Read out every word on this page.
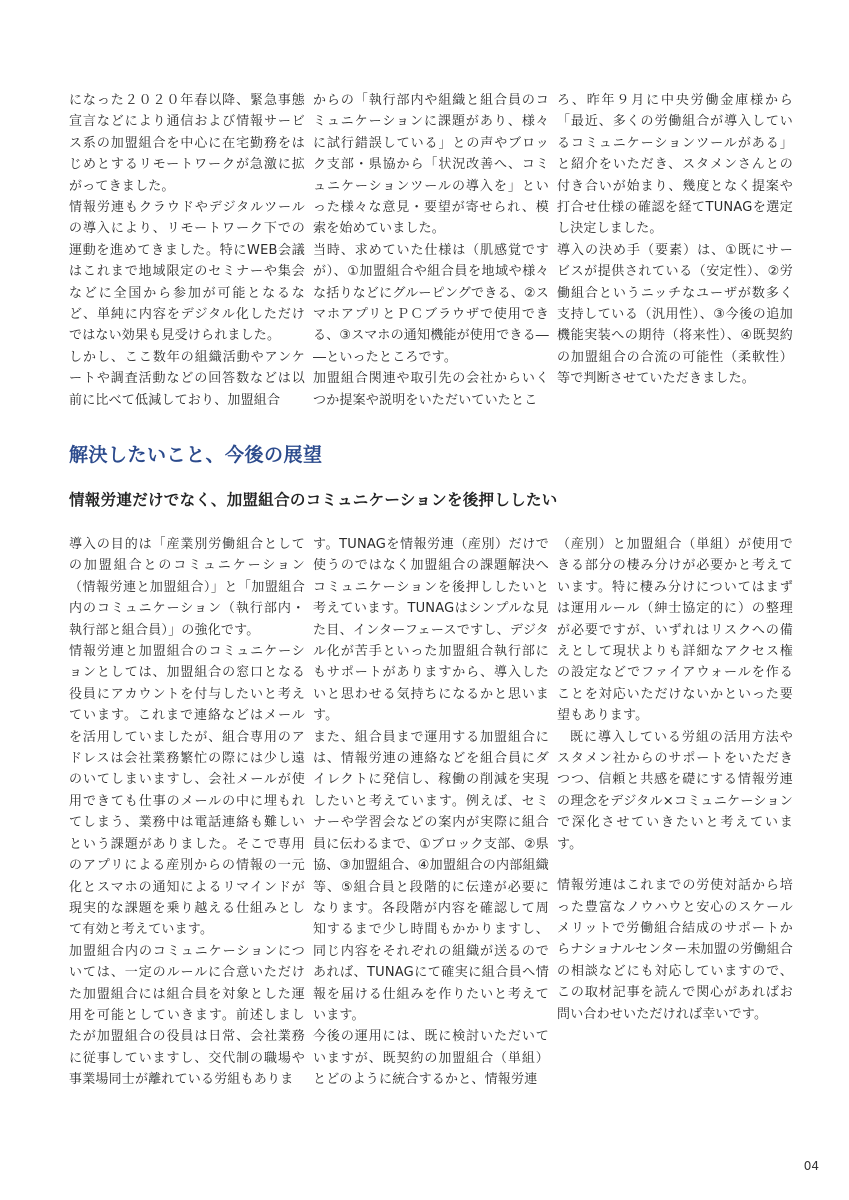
になった２０２０年春以降、緊急事態宣言などにより通信および情報サービス系の加盟組合を中心に在宅勤務をはじめとするリモートワークが急激に拡がってきました。

情報労連もクラウドやデジタルツールの導入により、リモートワーク下での運動を進めてきました。特にWEB会議はこれまで地域限定のセミナーや集会などに全国から参加が可能となるなど、単純に内容をデジタル化しただけではない効果も見受けられました。

しかし、ここ数年の組織活動やアンケートや調査活動などの回答数などは以前に比べて低減しており、加盟組合

からの「執行部内や組織と組合員のコミュニケーションに課題があり、様々に試行錯誤している」との声やブロック支部・県協から「状況改善へ、コミュニケーションツールの導入を」といった様々な意見・要望が寄せられ、模索を始めていました。

当時、求めていた仕様は（肌感覚ですが）、①加盟組合や組合員を地域や様々な括りなどにグルーピングできる、②スマホアプリとＰＣブラウザで使用できる、③スマホの通知機能が使用できる――といったところです。

加盟組合関連や取引先の会社からいくつか提案や説明をいただいていたとこ

ろ、昨年９月に中央労働金庫様から「最近、多くの労働組合が導入しているコミュニケーションツールがある」と紹介をいただき、スタメンさんとの付き合いが始まり、幾度となく提案や打合せ仕様の確認を経てTUNAGを選定し決定しました。

導入の決め手（要素）は、①既にサービスが提供されている（安定性）、②労働組合というニッチなユーザが数多く支持している（汎用性）、③今後の追加機能実装への期待（将来性）、④既契約の加盟組合の合流の可能性（柔軟性）等で判断させていただきました。

解決したいこと、今後の展望
情報労連だけでなく、加盟組合のコミュニケーションを後押ししたい

導入の目的は「産業別労働組合としての加盟組合とのコミュニケーション（情報労連と加盟組合）」と「加盟組合内のコミュニケーション（執行部内・執行部と組合員）」の強化です。

情報労連と加盟組合のコミュニケーションとしては、加盟組合の窓口となる役員にアカウントを付与したいと考えています。これまで連絡などはメールを活用していましたが、組合専用のアドレスは会社業務繁忙の際には少し遠のいてしまいますし、会社メールが使用できても仕事のメールの中に埋もれてしまう、業務中は電話連絡も難しいという課題がありました。そこで専用のアプリによる産別からの情報の一元化とスマホの通知によるリマインドが現実的な課題を乗り越える仕組みとして有効と考えています。

加盟組合内のコミュニケーションについては、一定のルールに合意いただけた加盟組合には組合員を対象とした運用を可能としていきます。前述しましたが加盟組合の役員は日常、会社業務に従事していますし、交代制の職場や事業場同士が離れている労組もありま

す。TUNAGを情報労連（産別）だけで使うのではなく加盟組合の課題解決へコミュニケーションを後押ししたいと考えています。TUNAGはシンプルな見た目、インターフェースですし、デジタル化が苦手といった加盟組合執行部にもサポートがありますから、導入したいと思わせる気持ちになるかと思います。

また、組合員まで運用する加盟組合には、情報労連の連絡などを組合員にダイレクトに発信し、稼働の削減を実現したいと考えています。例えば、セミナーや学習会などの案内が実際に組合員に伝わるまで、①ブロック支部、②県協、③加盟組合、④加盟組合の内部組織等、⑤組合員と段階的に伝達が必要になります。各段階が内容を確認して周知するまで少し時間もかかりますし、同じ内容をそれぞれの組織が送るのであれば、TUNAGにて確実に組合員へ情報を届ける仕組みを作りたいと考えています。

今後の運用には、既に検討いただいていますが、既契約の加盟組合（単組）とどのように統合するかと、情報労連

（産別）と加盟組合（単組）が使用できる部分の棲み分けが必要かと考えています。特に棲み分けについてはまずは運用ルール（紳士協定的に）の整理が必要ですが、いずれはリスクへの備えとして現状よりも詳細なアクセス権の設定などでファイアウォールを作ることを対応いただけないかといった要望もあります。

既に導入している労組の活用方法やスタメン社からのサポートをいただきつつ、信頼と共感を礎にする情報労連の理念をデジタル×コミュニケーションで深化させていきたいと考えています。

情報労連はこれまでの労使対話から培った豊富なノウハウと安心のスケールメリットで労働組合結成のサポートからナショナルセンター未加盟の労働組合の相談などにも対応していますので、この取材記事を読んで関心があればお問い合わせいただければ幸いです。

04
